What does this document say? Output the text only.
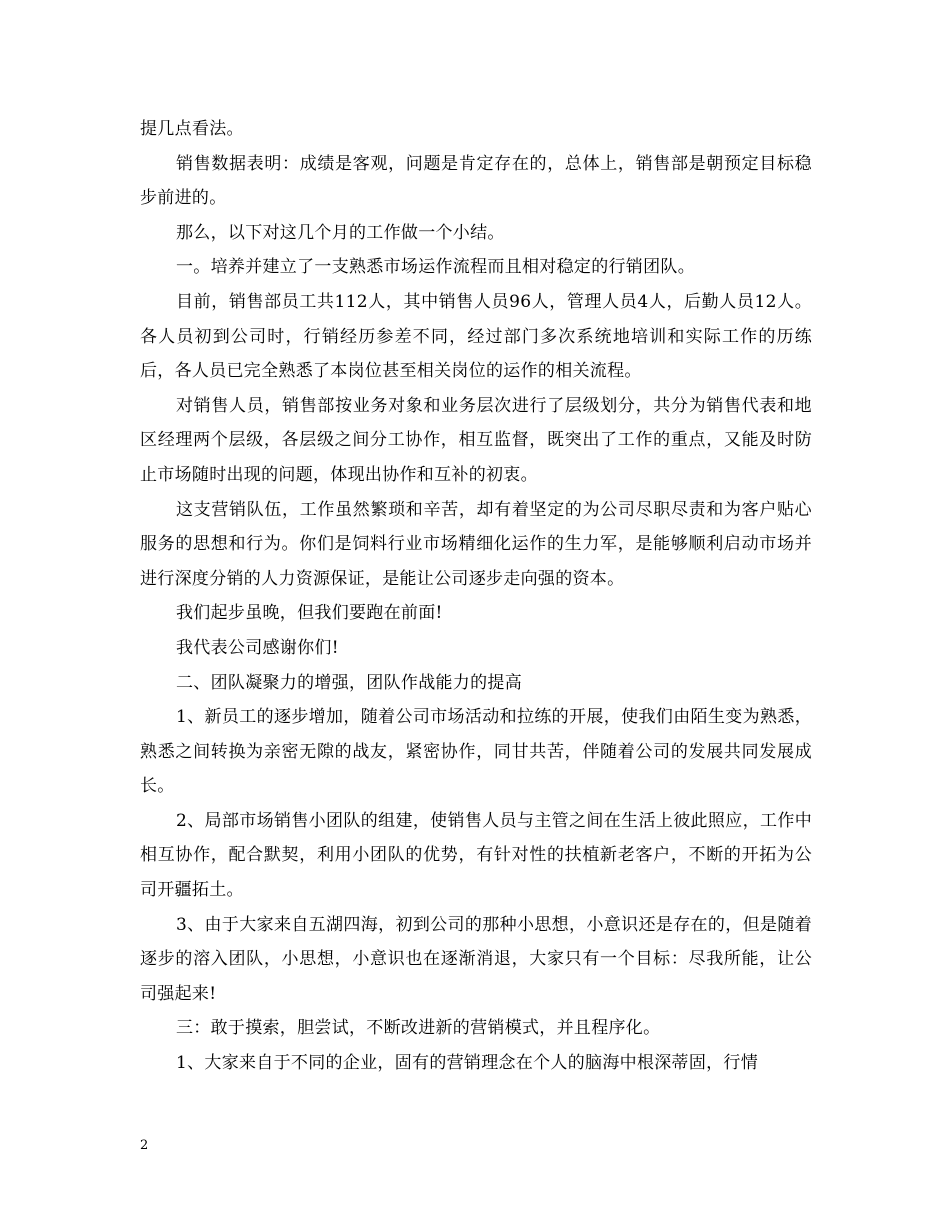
提几点看法。

销售数据表明：成绩是客观，问题是肯定存在的，总体上，销售部是朝预定目标稳步前进的。

那么，以下对这几个月的工作做一个小结。

一。培养并建立了一支熟悉市场运作流程而且相对稳定的行销团队。

目前，销售部员工共112人，其中销售人员96人，管理人员4人，后勤人员12人。各人员初到公司时，行销经历参差不同，经过部门多次系统地培训和实际工作的历练后，各人员已完全熟悉了本岗位甚至相关岗位的运作的相关流程。

对销售人员，销售部按业务对象和业务层次进行了层级划分，共分为销售代表和地区经理两个层级，各层级之间分工协作，相互监督，既突出了工作的重点，又能及时防止市场随时出现的问题，体现出协作和互补的初衷。

这支营销队伍，工作虽然繁琐和辛苦，却有着坚定的为公司尽职尽责和为客户贴心服务的思想和行为。你们是饲料行业市场精细化运作的生力军，是能够顺利启动市场并进行深度分销的人力资源保证，是能让公司逐步走向强的资本。

我们起步虽晚，但我们要跑在前面!

我代表公司感谢你们!

二、团队凝聚力的增强，团队作战能力的提高

1、新员工的逐步增加，随着公司市场活动和拉练的开展，使我们由陌生变为熟悉，熟悉之间转换为亲密无隙的战友，紧密协作，同甘共苦，伴随着公司的发展共同发展成长。

2、局部市场销售小团队的组建，使销售人员与主管之间在生活上彼此照应，工作中相互协作，配合默契，利用小团队的优势，有针对性的扶植新老客户，不断的开拓为公司开疆拓土。

3、由于大家来自五湖四海，初到公司的那种小思想，小意识还是存在的，但是随着逐步的溶入团队，小思想，小意识也在逐渐消退，大家只有一个目标：尽我所能，让公司强起来!

三：敢于摸索，胆尝试，不断改进新的营销模式，并且程序化。

1、大家来自于不同的企业，固有的营销理念在个人的脑海中根深蒂固，行情

2
